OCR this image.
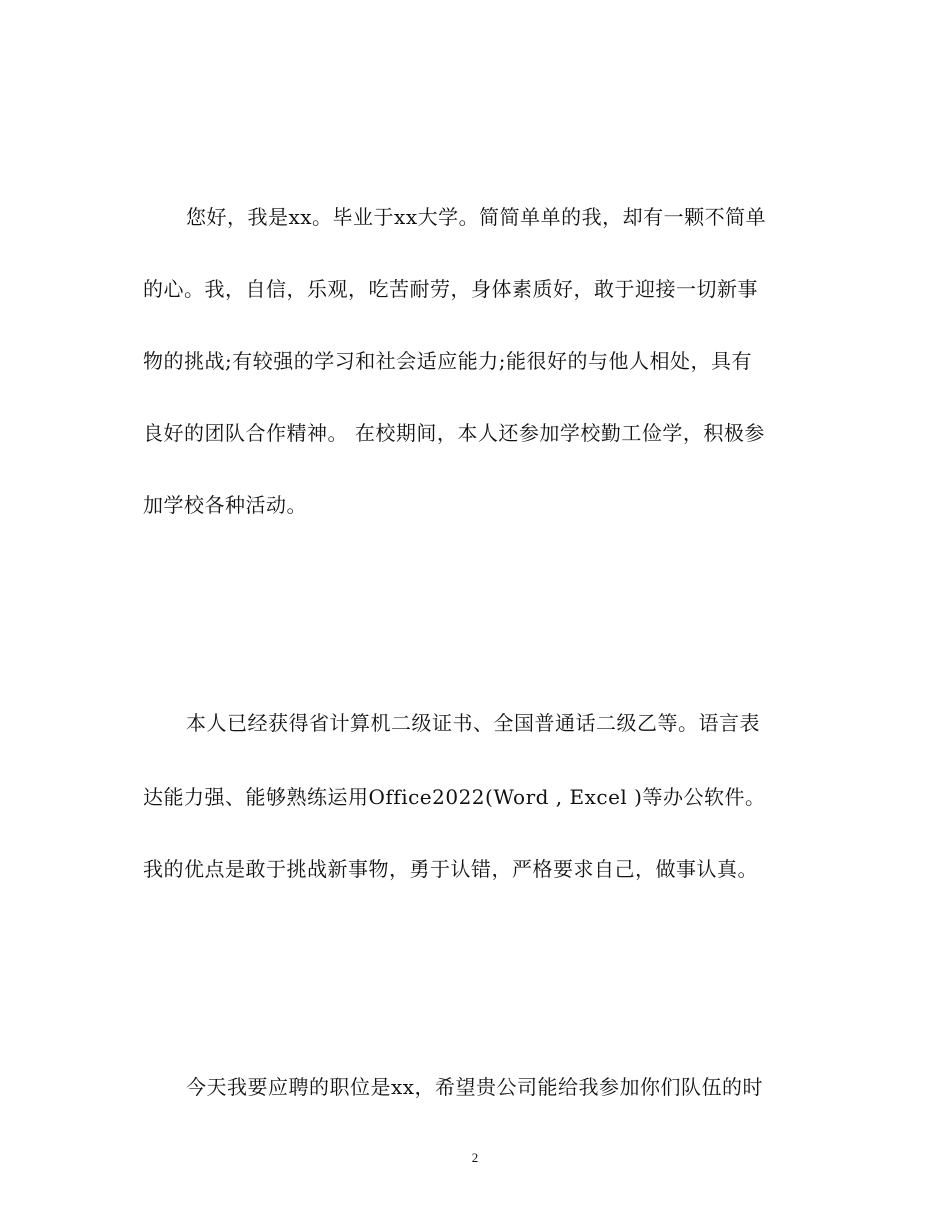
您好，我是xx。毕业于xx大学。简简单单的我，却有一颗不简单
的心。我，自信，乐观，吃苦耐劳，身体素质好，敢于迎接一切新事
物的挑战;有较强的学习和社会适应能力;能很好的与他人相处，具有
良好的团队合作精神。 在校期间，本人还参加学校勤工俭学，积极参
加学校各种活动。
本人已经获得省计算机二级证书、全国普通话二级乙等。语言表
达能力强、能够熟练运用Office2022(Word , Excel )等办公软件。
我的优点是敢于挑战新事物，勇于认错，严格要求自己，做事认真。
今天我要应聘的职位是xx，希望贵公司能给我参加你们队伍的时
2
